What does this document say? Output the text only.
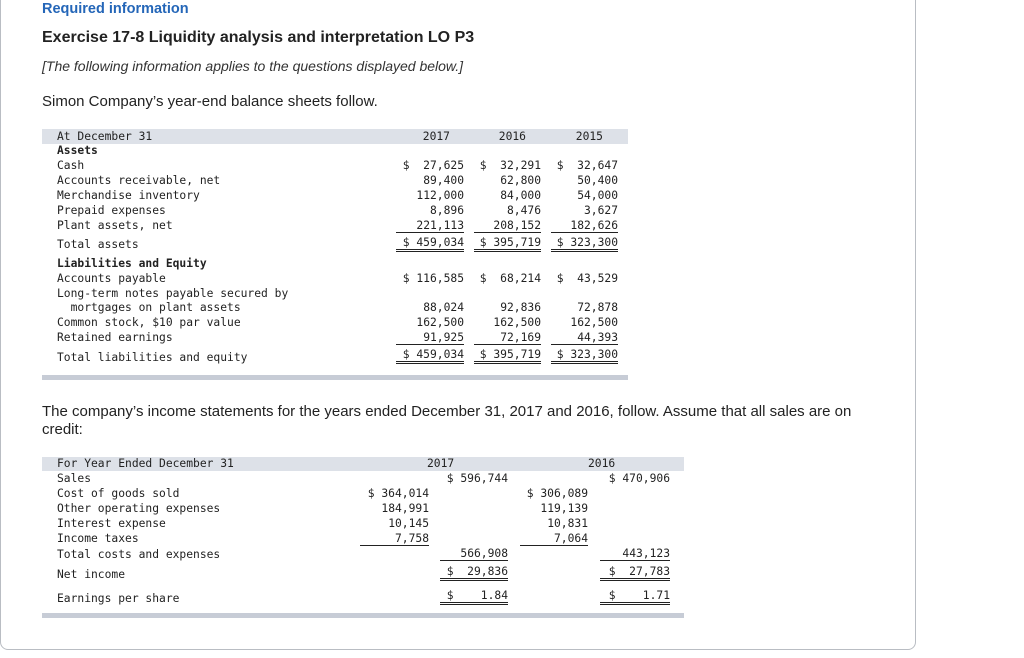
Required information
Exercise 17-8 Liquidity analysis and interpretation LO P3
[The following information applies to the questions displayed below.]
Simon Company’s year-end balance sheets follow.
At December 31	2017	2016	2015
Assets
Cash	$  27,625	$  32,291	$  32,647
Accounts receivable, net	89,400	62,800	50,400
Merchandise inventory	112,000	84,000	54,000
Prepaid expenses	8,896	8,476	3,627
Plant assets, net	221,113	208,152	182,626
Total assets	$ 459,034	$ 395,719	$ 323,300
Liabilities and Equity
Accounts payable	$ 116,585	$  68,214	$  43,529
Long-term notes payable secured by
mortgages on plant assets	88,024	92,836	72,878
Common stock, $10 par value	162,500	162,500	162,500
Retained earnings	91,925	72,169	44,393
Total liabilities and equity	$ 459,034	$ 395,719	$ 323,300
The company’s income statements for the years ended December 31, 2017 and 2016, follow. Assume that all sales are on credit:
For Year Ended December 31	2017	2016
Sales	$ 596,744	$ 470,906
Cost of goods sold	$ 364,014	$ 306,089
Other operating expenses	184,991	119,139
Interest expense	10,145	10,831
Income taxes	7,758	7,064
Total costs and expenses	566,908	443,123
Net income	$  29,836	$  27,783
Earnings per share	$    1.84	$    1.71
